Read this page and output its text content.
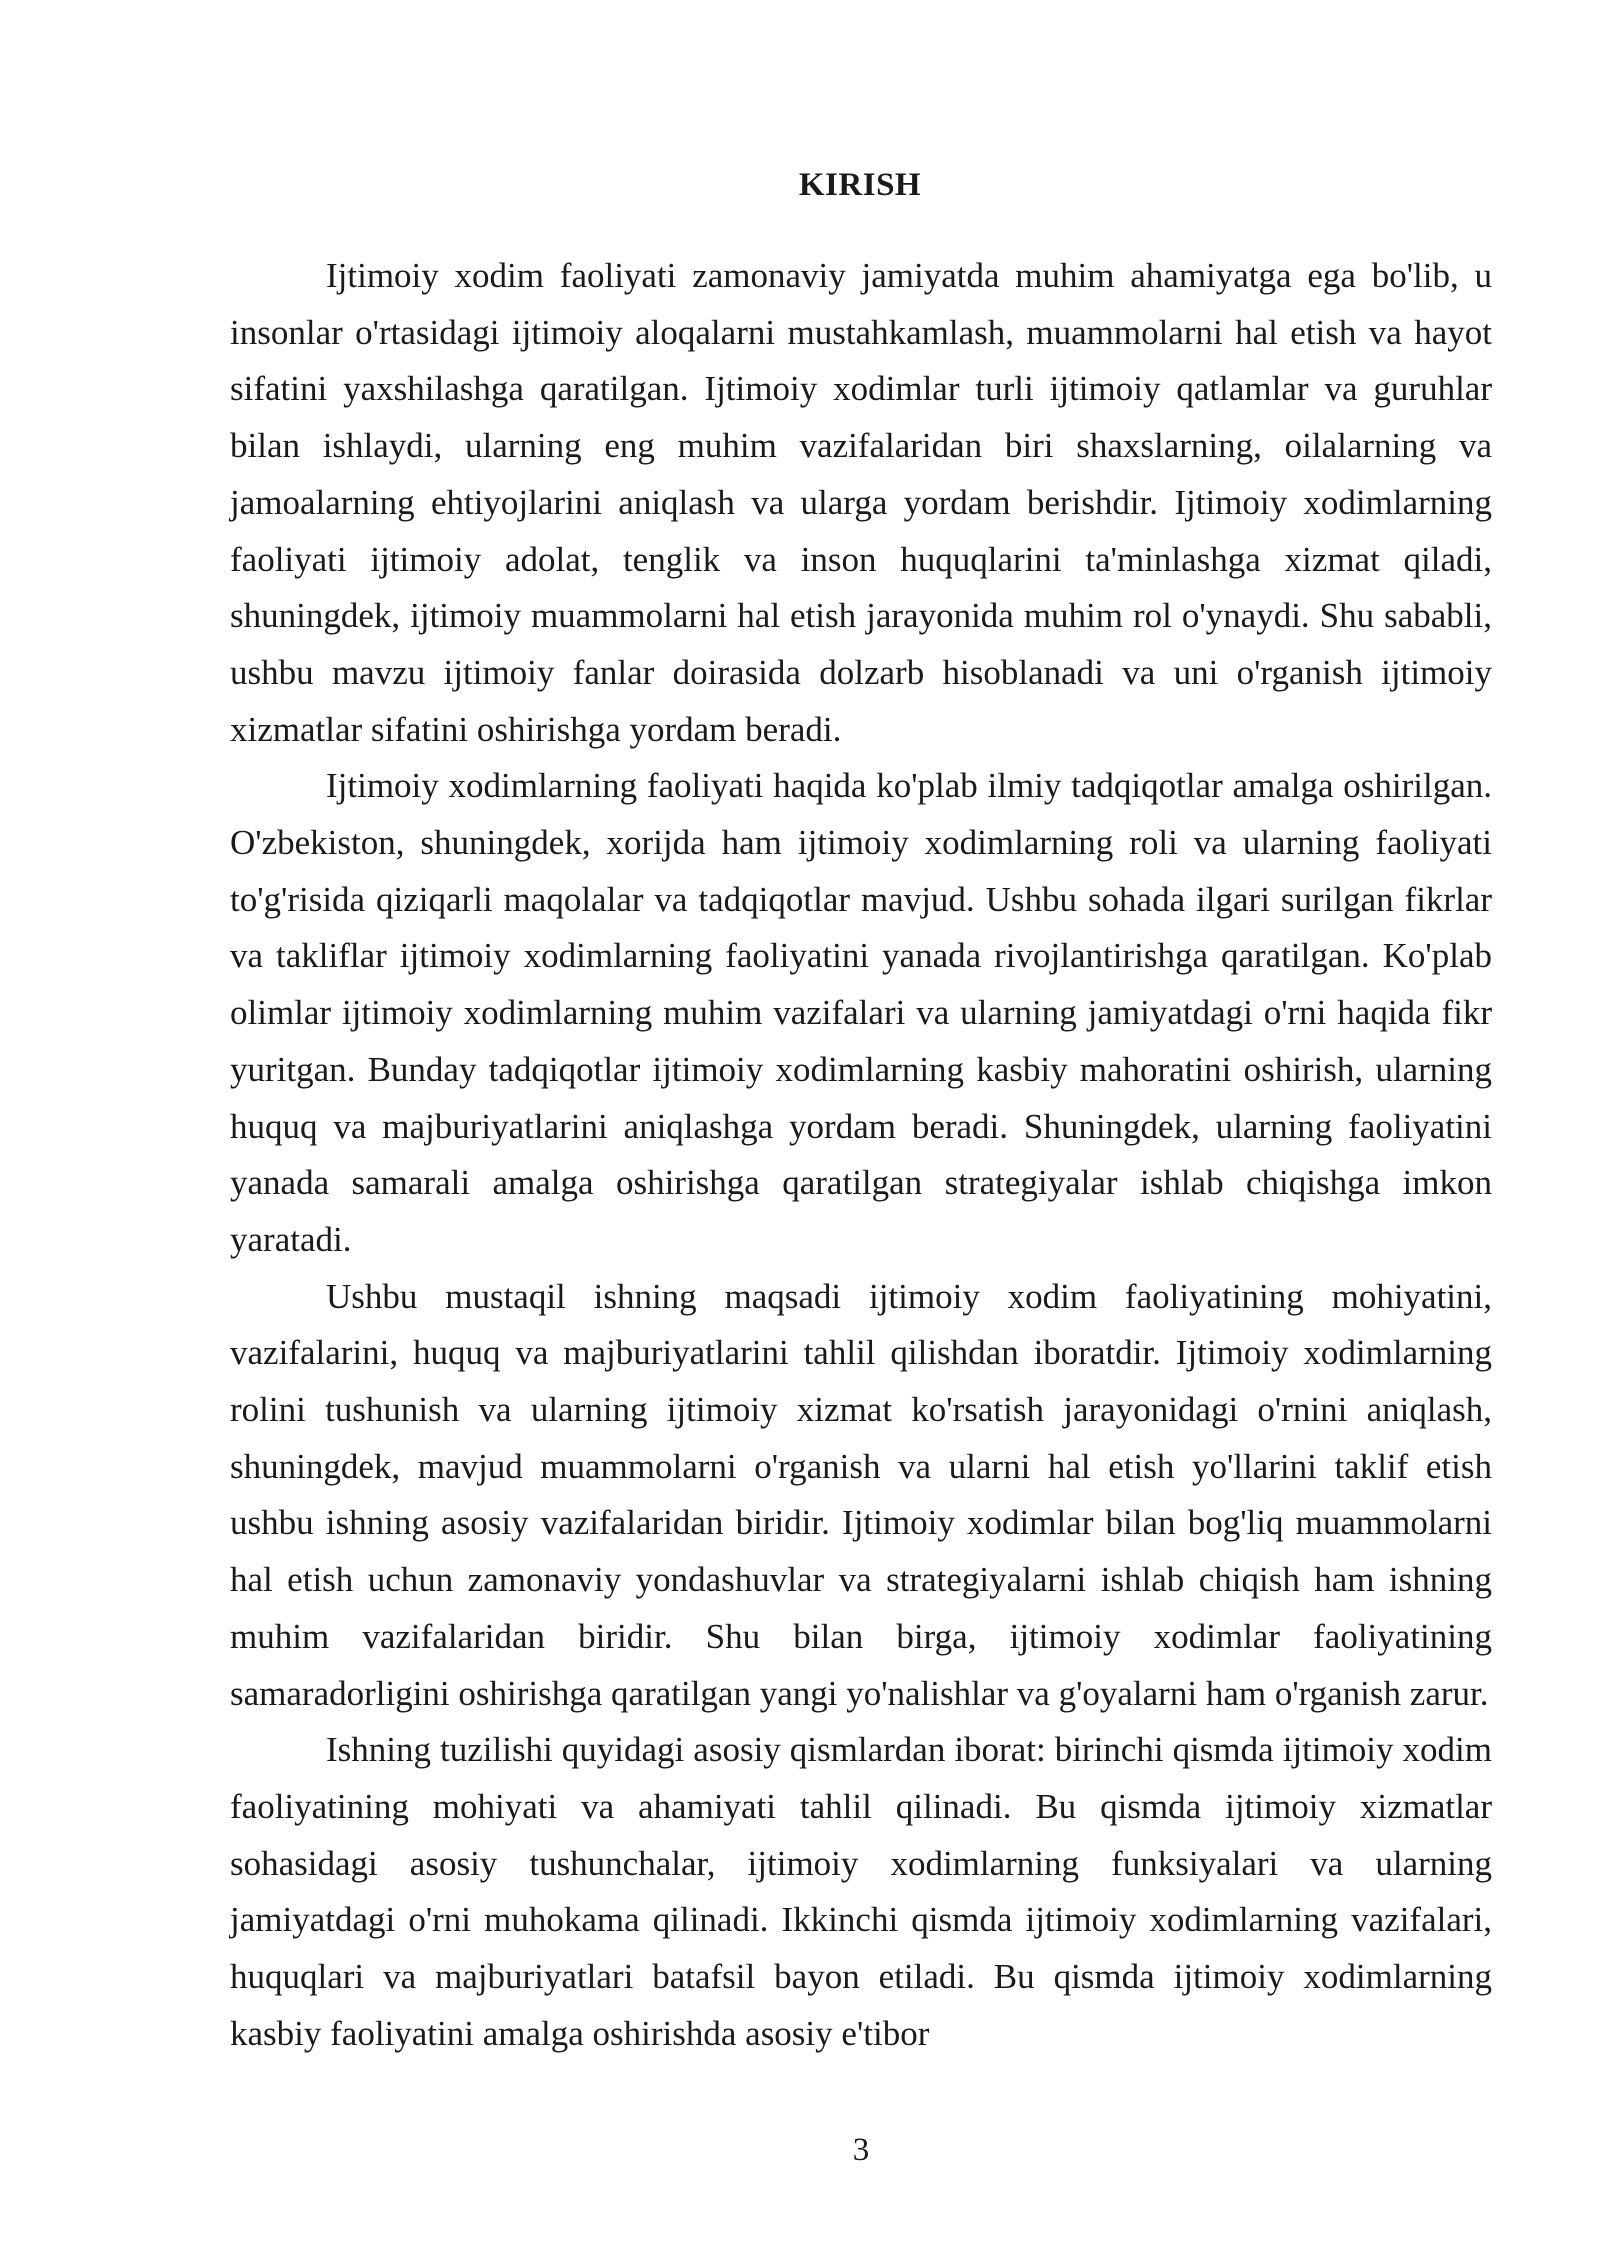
KIRISH

Ijtimoiy xodim faoliyati zamonaviy jamiyatda muhim ahamiyatga ega bo'lib, u insonlar o'rtasidagi ijtimoiy aloqalarni mustahkamlash, muammolarni hal etish va hayot sifatini yaxshilashga qaratilgan. Ijtimoiy xodimlar turli ijtimoiy qatlamlar va guruhlar bilan ishlaydi, ularning eng muhim vazifalaridan biri shaxslarning, oilalarning va jamoalarning ehtiyojlarini aniqlash va ularga yordam berishdir. Ijtimoiy xodimlarning faoliyati ijtimoiy adolat, tenglik va inson huquqlarini ta'minlashga xizmat qiladi, shuningdek, ijtimoiy muammolarni hal etish jarayonida muhim rol o'ynaydi. Shu sababli, ushbu mavzu ijtimoiy fanlar doirasida dolzarb hisoblanadi va uni o'rganish ijtimoiy xizmatlar sifatini oshirishga yordam beradi.

Ijtimoiy xodimlarning faoliyati haqida ko'plab ilmiy tadqiqotlar amalga oshirilgan. O'zbekiston, shuningdek, xorijda ham ijtimoiy xodimlarning roli va ularning faoliyati to'g'risida qiziqarli maqolalar va tadqiqotlar mavjud. Ushbu sohada ilgari surilgan fikrlar va takliflar ijtimoiy xodimlarning faoliyatini yanada rivojlantirishga qaratilgan. Ko'plab olimlar ijtimoiy xodimlarning muhim vazifalari va ularning jamiyatdagi o'rni haqida fikr yuritgan. Bunday tadqiqotlar ijtimoiy xodimlarning kasbiy mahoratini oshirish, ularning huquq va majburiyatlarini aniqlashga yordam beradi. Shuningdek, ularning faoliyatini yanada samarali amalga oshirishga qaratilgan strategiyalar ishlab chiqishga imkon yaratadi.

Ushbu mustaqil ishning maqsadi ijtimoiy xodim faoliyatining mohiyatini, vazifalarini, huquq va majburiyatlarini tahlil qilishdan iboratdir. Ijtimoiy xodimlarning rolini tushunish va ularning ijtimoiy xizmat ko'rsatish jarayonidagi o'rnini aniqlash, shuningdek, mavjud muammolarni o'rganish va ularni hal etish yo'llarini taklif etish ushbu ishning asosiy vazifalaridan biridir. Ijtimoiy xodimlar bilan bog'liq muammolarni hal etish uchun zamonaviy yondashuvlar va strategiyalarni ishlab chiqish ham ishning muhim vazifalaridan biridir. Shu bilan birga, ijtimoiy xodimlar faoliyatining samaradorligini oshirishga qaratilgan yangi yo'nalishlar va g'oyalarni ham o'rganish zarur.

Ishning tuzilishi quyidagi asosiy qismlardan iborat: birinchi qismda ijtimoiy xodim faoliyatining mohiyati va ahamiyati tahlil qilinadi. Bu qismda ijtimoiy xizmatlar sohasidagi asosiy tushunchalar, ijtimoiy xodimlarning funksiyalari va ularning jamiyatdagi o'rni muhokama qilinadi. Ikkinchi qismda ijtimoiy xodimlarning vazifalari, huquqlari va majburiyatlari batafsil bayon etiladi. Bu qismda ijtimoiy xodimlarning kasbiy faoliyatini amalga oshirishda asosiy e'tibor

3
